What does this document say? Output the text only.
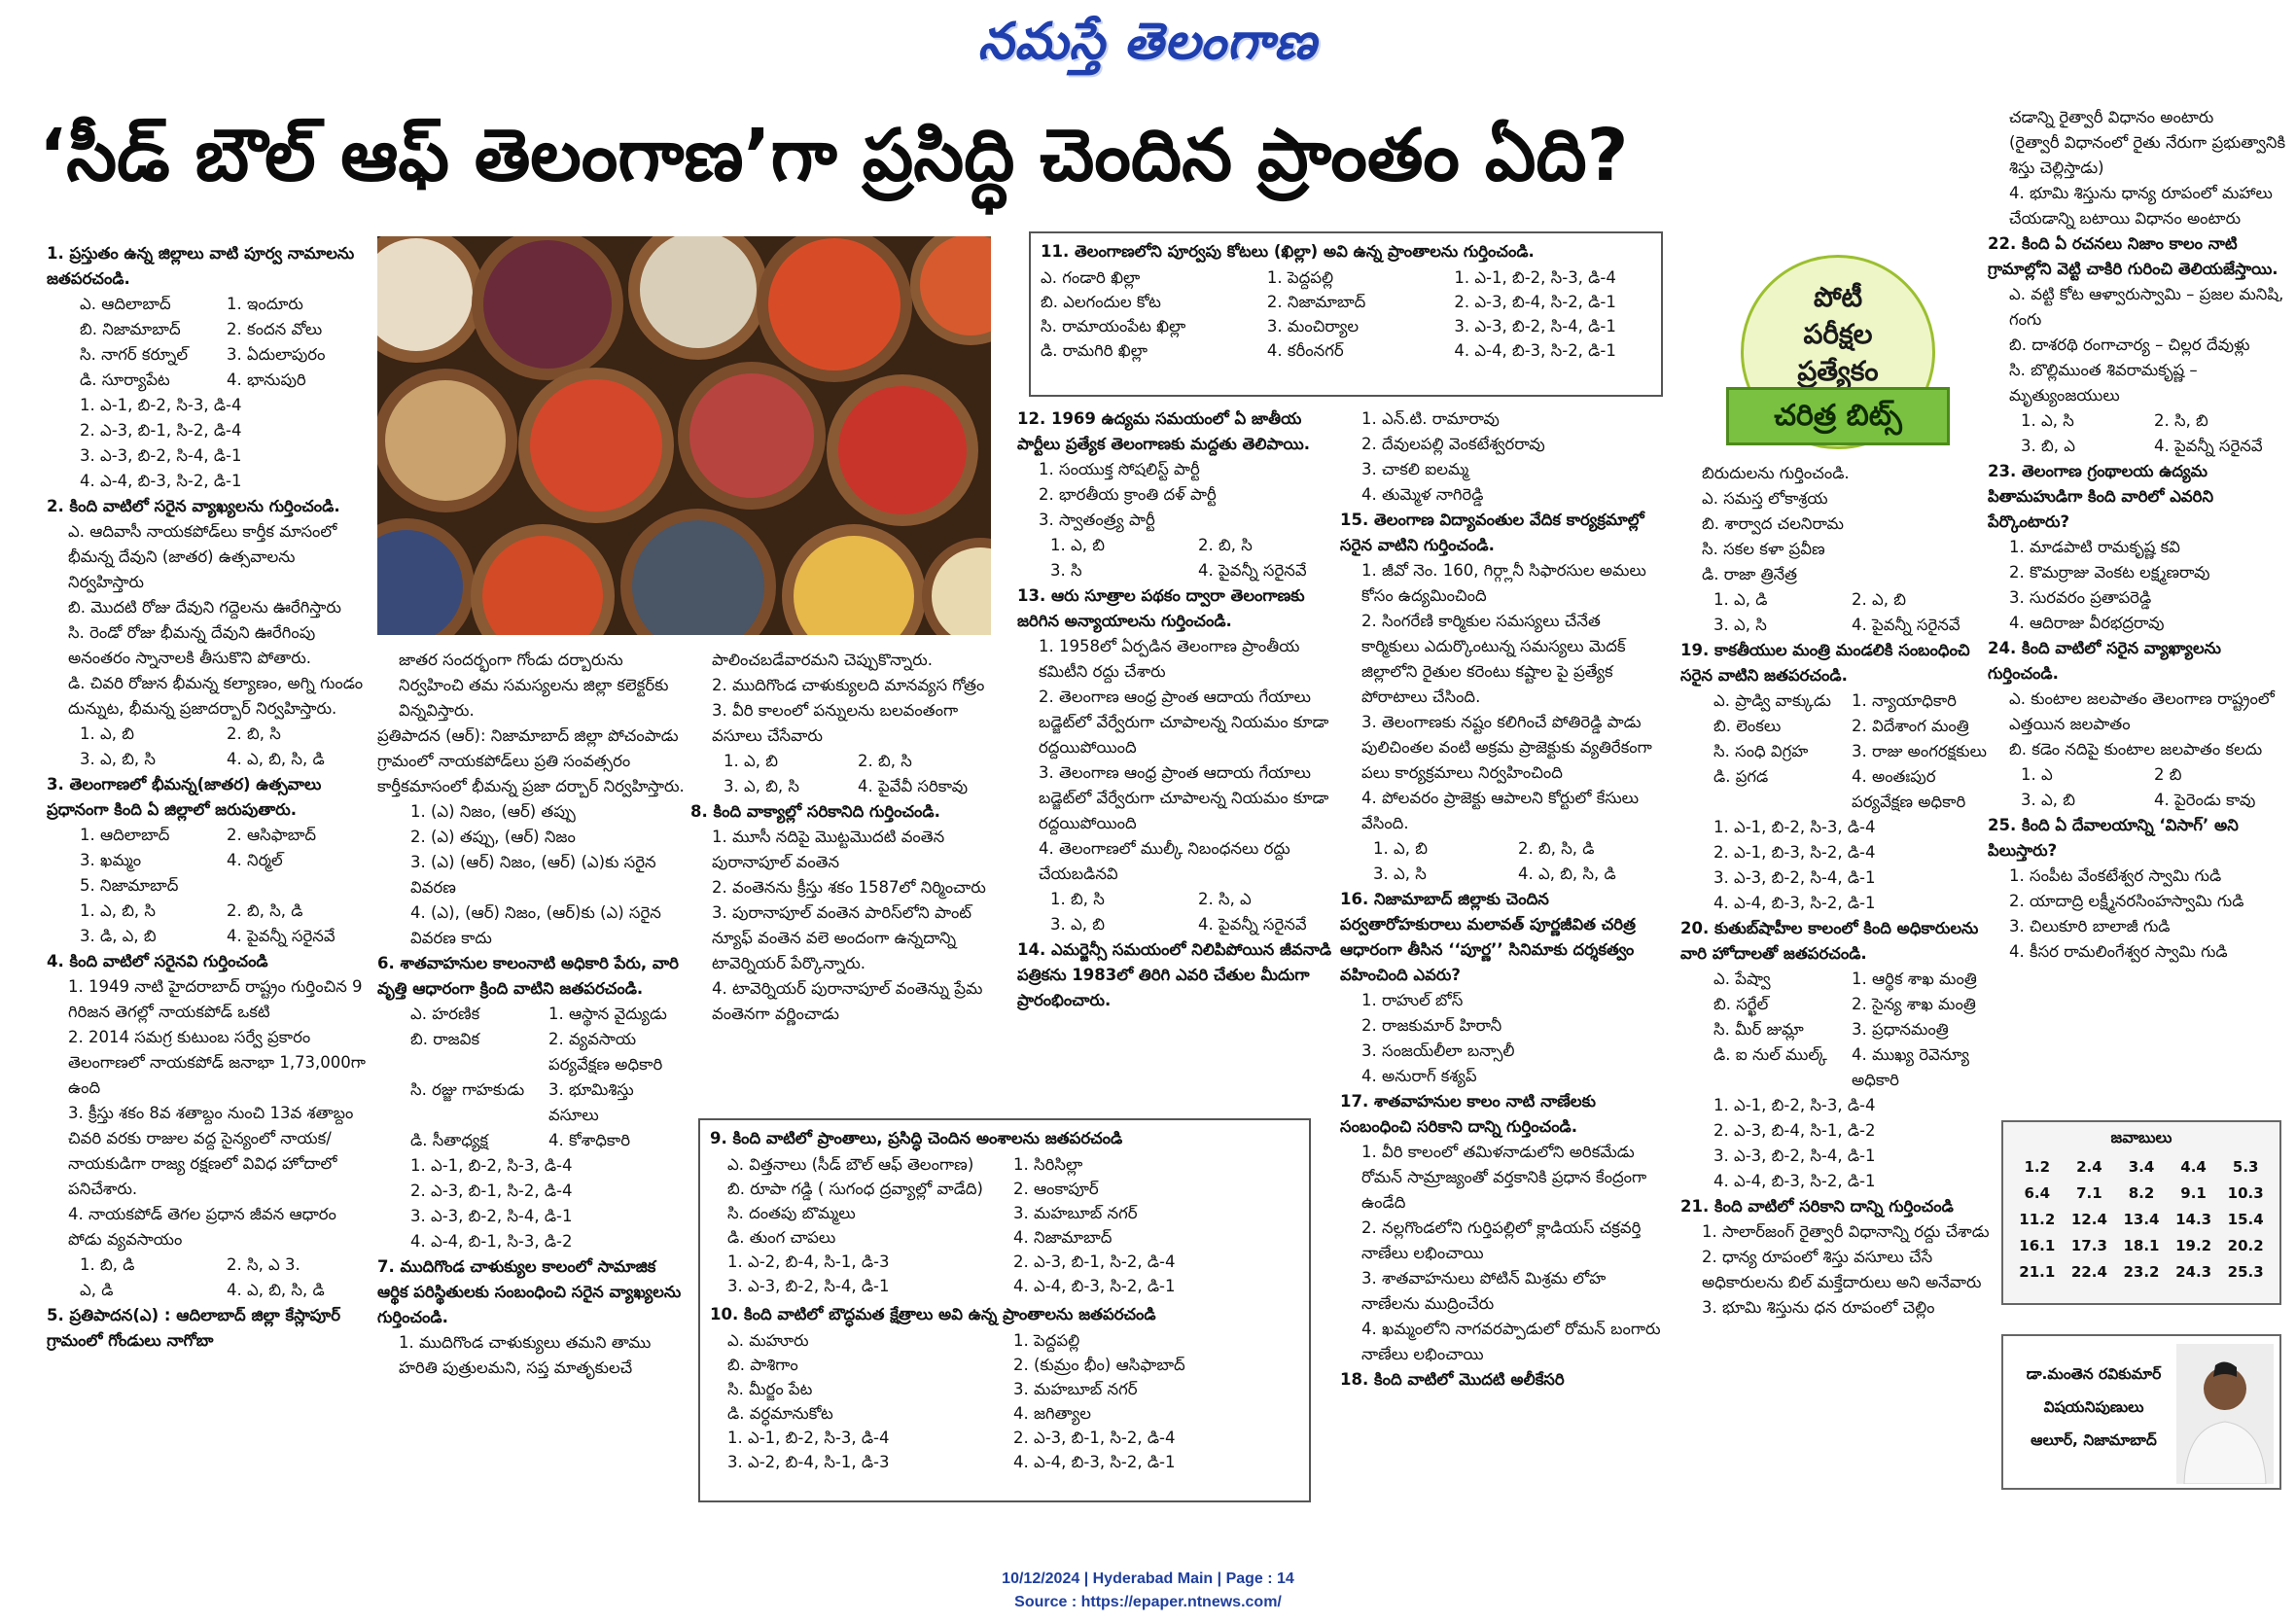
నమస్తే తెలంగాణ
‘సీడ్ బౌల్ ఆఫ్ తెలంగాణ’గా ప్రసిద్ధి చెందిన ప్రాంతం ఏది?

1. ప్రస్తుతం ఉన్న జిల్లాలు వాటి పూర్వ నామాలను జతపరచండి.

ఎ. ఆదిలాబాద్	1. ఇందూరు
బి. నిజామాబాద్	2. కందన వోలు
సి. నాగర్ కర్నూల్	3. ఏదులాపురం
డి. సూర్యాపేట	4. భానుపురి

1. ఎ-1, బి-2, సి-3, డి-4

2. ఎ-3, బి-1, సి-2, డి-4

3. ఎ-3, బి-2, సి-4, డి-1

4. ఎ-4, బి-3, సి-2, డి-1

2. కింది వాటిలో సరైన వ్యాఖ్యలను గుర్తించండి.

ఎ. ఆదివాసీ నాయకపోడ్‌లు కార్తీక మాసంలో భీమన్న దేవుని (జాతర) ఉత్సవాలను నిర్వహిస్తారు

బి. మొదటి రోజు దేవుని గద్దెలను ఊరేగిస్తారు

సి. రెండో రోజు భీమన్న దేవుని ఊరేగింపు అనంతరం స్నానాలకి తీసుకొని పోతారు.

డి. చివరి రోజున భీమన్న కల్యాణం, అగ్ని గుండం దున్నుట, భీమన్న ప్రజాదర్బార్ నిర్వహిస్తారు.

1. ఎ, బి	2. బి, సి
3. ఎ, బి, సి	4. ఎ, బి, సి, డి

3. తెలంగాణలో భీమన్న(జాతర) ఉత్సవాలు ప్రధానంగా కింది ఏ జిల్లాలో జరుపుతారు.

1. ఆదిలాబాద్	2. ఆసిఫాబాద్
3. ఖమ్మం	4. నిర్మల్
5. నిజామాబాద్
1. ఎ, బి, సి	2. బి, సి, డి
3. డి, ఎ, బి	4. పైవన్నీ సరైనవే

4. కింది వాటిలో సరైనవి గుర్తించండి

1. 1949 నాటి హైదరాబాద్ రాష్ట్రం గుర్తించిన 9 గిరిజన తెగల్లో నాయకపోడ్ ఒకటి

2. 2014 సమగ్ర కుటుంబ సర్వే ప్రకారం తెలంగాణలో నాయకపోడ్ జనాభా 1,73,000గా ఉంది

3. క్రీస్తు శకం 8వ శతాబ్దం నుంచి 13వ శతాబ్దం చివరి వరకు రాజుల వద్ద సైన్యంలో నాయక/ నాయకుడిగా రాజ్య రక్షణలో వివిధ హోదాలో పనిచేశారు.

4. నాయకపోడ్ తెగల ప్రధాన జీవన ఆధారం పోడు వ్యవసాయం

1. బి, డి	2. సి, ఎ 3.
ఎ, డి	4. ఎ, బి, సి, డి

5. ప్రతిపాదన(ఎ) : ఆదిలాబాద్ జిల్లా కేస్లాపూర్ గ్రామంలో గోండులు నాగోబా

జాతర సందర్భంగా గోండు దర్బారును నిర్వహించి తమ సమస్యలను జిల్లా కలెక్టర్‌కు విన్నవిస్తారు.

ప్రతిపాదన (ఆర్): నిజామాబాద్ జిల్లా పోచంపాడు గ్రామంలో నాయకపోడ్‌లు ప్రతి సంవత్సరం కార్తీకమాసంలో భీమన్న ప్రజా దర్బార్ నిర్వహిస్తారు.

1. (ఎ) నిజం, (ఆర్) తప్పు

2. (ఎ) తప్పు, (ఆర్) నిజం

3. (ఎ) (ఆర్) నిజం, (ఆర్) (ఎ)కు సరైన వివరణ

4. (ఎ), (ఆర్) నిజం, (ఆర్)కు (ఎ) సరైన వివరణ కాదు

6. శాతవాహనుల కాలంనాటి అధికారి పేరు, వారి వృత్తి ఆధారంగా క్రింది వాటిని జతపరచండి.

ఎ. హరణిక	1. ఆస్థాన వైద్యుడు
బి. రాజవిక	2. వ్యవసాయ పర్యవేక్షణ అధికారి
సి. రజ్జు గాహకుడు	3. భూమిశిస్తు వసూలు
డి. సీతాధ్యక్ష	4. కోశాధికారి

1. ఎ-1, బి-2, సి-3, డి-4

2. ఎ-3, బి-1, సి-2, డి-4

3. ఎ-3, బి-2, సి-4, డి-1

4. ఎ-4, బి-1, సి-3, డి-2

7. ముదిగొండ చాళుక్యుల కాలంలో సామాజిక ఆర్థిక పరిస్థితులకు సంబంధించి సరైన వ్యాఖ్యలను గుర్తించండి.

1. ముదిగొండ చాళుక్యులు తమని తాము హరితి పుత్రులమని, సప్త మాతృకులచే

పాలించబడేవారమని చెప్పుకొన్నారు.

2. ముదిగొండ చాళుక్యులది మానవ్యస గోత్రం

3. వీరి కాలంలో పన్నులను బలవంతంగా వసూలు చేసేవారు

1. ఎ, బి	2. బి, సి
3. ఎ, బి, సి	4. పైవేవీ సరికావు

8. కింది వాక్యాల్లో సరికానిది గుర్తించండి.

1. మూసీ నదిపై మొట్టమొదటి వంతెన పురానాపూల్ వంతెన

2. వంతెనను క్రీస్తు శకం 1587లో నిర్మించారు

3. పురానాపూల్ వంతెన పారిస్‌లోని పాంట్ న్యూఫ్ వంతెన వలె అందంగా ఉన్నదాన్ని టావెర్నియర్ పేర్కొన్నారు.

4. టావెర్నియర్ పురానాపూల్ వంతెన్ను ప్రేమ వంతెనగా వర్ణించాడు

9. కింది వాటిలో ప్రాంతాలు, ప్రసిద్ధి చెందిన అంశాలను జతపరచండి

ఎ. విత్తనాలు (సీడ్ బౌల్ ఆఫ్ తెలంగాణ)	1. సిరిసిల్లా
బి. రూపా గడ్డి ( సుగంధ ద్రవ్యాల్లో వాడేది)	2. ఆంకాపూర్
సి. దంతపు బొమ్మలు	3. మహబూబ్ నగర్
డి. తుంగ చాపలు	4. నిజామాబాద్
1. ఎ-2, బి-4, సి-1, డి-3	2. ఎ-3, బి-1, సి-2, డి-4
3. ఎ-3, బి-2, సి-4, డి-1	4. ఎ-4, బి-3, సి-2, డి-1

10. కింది వాటిలో బౌద్ధమత క్షేత్రాలు అవి ఉన్న ప్రాంతాలను జతపరచండి

ఎ. మహూరు	1. పెద్దపల్లి
బి. పాశిగాం	2. (కుమ్రం భీం) ఆసిఫాబాద్
సి. మీర్జం పేట	3. మహబూబ్ నగర్
డి. వర్ధమానుకోట	4. జగిత్యాల
1. ఎ-1, బి-2, సి-3, డి-4	2. ఎ-3, బి-1, సి-2, డి-4
3. ఎ-2, బి-4, సి-1, డి-3	4. ఎ-4, బి-3, సి-2, డి-1

11. తెలంగాణలోని పూర్వపు కోటలు (ఖిల్లా) అవి ఉన్న ప్రాంతాలను గుర్తించండి.

ఎ. గండారి ఖిల్లా	1. పెద్దపల్లి	1. ఎ-1, బి-2, సి-3, డి-4
బి. ఎలగందుల కోట	2. నిజామాబాద్	2. ఎ-3, బి-4, సి-2, డి-1
సి. రామాయంపేట ఖిల్లా	3. మంచిర్యాల	3. ఎ-3, బి-2, సి-4, డి-1
డి. రామగిరి ఖిల్లా	4. కరీంనగర్	4. ఎ-4, బి-3, సి-2, డి-1

12. 1969 ఉద్యమ సమయంలో ఏ జాతీయ పార్టీలు ప్రత్యేక తెలంగాణకు మద్దతు తెలిపాయి.

1. సంయుక్త సోషలిస్ట్ పార్టీ

2. భారతీయ క్రాంతి దళ్ పార్టీ

3. స్వాతంత్ర్య పార్టీ

1. ఎ, బి	2. బి, సి
3. సి	4. పైవన్నీ సరైనవే

13. ఆరు సూత్రాల పథకం ద్వారా తెలంగాణకు జరిగిన అన్యాయాలను గుర్తించండి.

1. 1958లో ఏర్పడిన తెలంగాణ ప్రాంతీయ కమిటీని రద్దు చేశారు

2. తెలంగాణ ఆంధ్ర ప్రాంత ఆదాయ గేయాలు బడ్జెట్‌లో వేర్వేరుగా చూపాలన్న నియమం కూడా రద్దయిపోయింది

3. తెలంగాణ ఆంధ్ర ప్రాంత ఆదాయ గేయాలు బడ్జెట్‌లో వేర్వేరుగా చూపాలన్న నియమం కూడా రద్దయిపోయింది

4. తెలంగాణలో ముల్కీ నిబంధనలు రద్దు చేయబడినవి

1. బి, సి	2. సి, ఎ
3. ఎ, బి	4. పైవన్నీ సరైనవే

14. ఎమర్జెన్సీ సమయంలో నిలిపిపోయిన జీవనాడి పత్రికను 1983లో తిరిగి ఎవరి చేతుల మీదుగా ప్రారంభించారు.

1. ఎన్.టి. రామారావు

2. దేవులపల్లి వెంకటేశ్వరరావు

3. చాకలి ఐలమ్మ

4. తుమ్మెళ నాగిరెడ్డి

15. తెలంగాణ విద్యావంతుల వేదిక కార్యక్రమాల్లో సరైన వాటిని గుర్తించండి.

1. జీవో నెం. 160, గిర్గ్లానీ సిఫారసుల అమలు కోసం ఉద్యమించింది

2. సింగరేణి కార్మికుల సమస్యలు చేనేత కార్మికులు ఎదుర్కొంటున్న సమస్యలు మెదక్ జిల్లాలోని రైతుల కరెంటు కష్టాల పై ప్రత్యేక పోరాటాలు చేసింది.

3. తెలంగాణకు నష్టం కలిగించే పోతిరెడ్డి పాడు పులిచింతల వంటి అక్రమ ప్రాజెక్టుకు వ్యతిరేకంగా పలు కార్యక్రమాలు నిర్వహించింది

4. పోలవరం ప్రాజెక్టు ఆపాలని కోర్టులో కేసులు వేసింది.

1. ఎ, బి	2. బి, సి, డి
3. ఎ, సి	4. ఎ, బి, సి, డి

16. నిజామాబాద్ జిల్లాకు చెందిన పర్వతారోహకురాలు మలావత్ పూర్ణజీవిత చరిత్ర ఆధారంగా తీసిన ‘‘పూర్ణ’’ సినిమాకు దర్శకత్వం వహించింది ఎవరు?

1. రాహుల్ బోస్

2. రాజకుమార్ హిరానీ

3. సంజయ్‌లీలా బన్సాలీ

4. అనురాగ్ కశ్యప్

17. శాతవాహనుల కాలం నాటి నాణేలకు సంబంధించి సరికాని దాన్ని గుర్తించండి.

1. వీరి కాలంలో తమిళనాడులోని అరికమేడు రోమన్ సామ్రాజ్యంతో వర్తకానికి ప్రధాన కేంద్రంగా ఉండేది

2. నల్లగొండలోని గుర్తిపల్లిలో క్లాడియస్ చక్రవర్తి నాణేలు లభించాయి

3. శాతవాహనులు పోటిన్ మిశ్రమ లోహ నాణేలను ముద్రించేరు

4. ఖమ్మంలోని నాగవరప్పాడులో రోమన్ బంగారు నాణేలు లభించాయి

18. కింది వాటిలో మొదటి అలీకేసరి

పోటీ
పరీక్షల
ప్రత్యేకం
చరిత్ర బిట్స్

బిరుదులను గుర్తించండి.

ఎ. సమస్త లోకాశ్రయ

బి. శార్వాద చలనిరామ

సి. సకల కళా ప్రవీణ

డి. రాజా త్రినేత్ర

1. ఎ, డి	2. ఎ, బి
3. ఎ, సి	4. పైవన్నీ సరైనవే

19. కాకతీయుల మంత్రి మండలికి సంబంధించి సరైన వాటిని జతపరచండి.

ఎ. ప్రాడ్వి వాక్కుడు	1. న్యాయాధికారి
బి. లెంకలు	2. విదేశాంగ మంత్రి
సి. సంధి విగ్రహ	3. రాజు అంగరక్షకులు
డి. ప్రగడ	4. అంతఃపుర పర్యవేక్షణ అధికారి

1. ఎ-1, బి-2, సి-3, డి-4

2. ఎ-1, బి-3, సి-2, డి-4

3. ఎ-3, బి-2, సి-4, డి-1

4. ఎ-4, బి-3, సి-2, డి-1

20. కుతుబ్‌షాహీల కాలంలో కింది అధికారులను వారి హోదాలతో జతపరచండి.

ఎ. పేష్వా	1. ఆర్థిక శాఖ మంత్రి
బి. సర్ఖేల్	2. సైన్య శాఖ మంత్రి
సి. మీర్ జుమ్లా	3. ప్రధానమంత్రి
డి. ఐ నుల్ ముల్క్	4. ముఖ్య రెవెన్యూ అధికారి

1. ఎ-1, బి-2, సి-3, డి-4

2. ఎ-3, బి-4, సి-1, డి-2

3. ఎ-3, బి-2, సి-4, డి-1

4. ఎ-4, బి-3, సి-2, డి-1

21. కింది వాటిలో సరికాని దాన్ని గుర్తించండి

1. సాలార్‌జంగ్ రైత్వారీ విధానాన్ని రద్దు చేశాడు

2. ధాన్య రూపంలో శిస్తు వసూలు చేసే అధికారులను బిల్ మక్తేదారులు అని అనేవారు

3. భూమి శిస్తును ధన రూపంలో చెల్లిం

చడాన్ని రైత్వారీ విధానం అంటారు

(రైత్వారీ విధానంలో రైతు నేరుగా ప్రభుత్వానికి శిస్తు చెల్లిస్తాడు)

4. భూమి శిస్తును ధాన్య రూపంలో మహాలు చేయడాన్ని బటాయి విధానం అంటారు

22. కింది ఏ రచనలు నిజాం కాలం నాటి గ్రామాల్లోని వెట్టి చాకిరి గురించి తెలియజేస్తాయి.

ఎ. వట్టి కోట ఆళ్వారుస్వామి – ప్రజల మనిషి, గంగు

బి. దాశరథి రంగాచార్య – చిల్లర దేవుళ్లు

సి. బొల్లిముంత శివరామకృష్ణ – మృత్యుంజయులు

1. ఎ, సి	2. సి, బి
3. బి, ఎ	4. పైవన్నీ సరైనవే

23. తెలంగాణ గ్రంథాలయ ఉద్యమ పితామహుడిగా కింది వారిలో ఎవరిని పేర్కొంటారు?

1. మాడపాటి రామకృష్ణ కవి

2. కొమర్రాజు వెంకట లక్ష్మణరావు

3. సురవరం ప్రతాపరెడ్డి

4. ఆదిరాజు వీరభద్రరావు

24. కింది వాటిలో సరైన వ్యాఖ్యాలను గుర్తించండి.

ఎ. కుంటాల జలపాతం తెలంగాణ రాష్ట్రంలో ఎత్తయిన జలపాతం

బి. కడెం నదిపై కుంటాల జలపాతం కలదు

1. ఎ	2 బి
3. ఎ, బి	4. పైరెండు కావు

25. కింది ఏ దేవాలయాన్ని ‘విసాగ్’ అని పిలుస్తారు?

1. సంపీట వేంకటేశ్వర స్వామి గుడి

2. యాదాద్రి లక్ష్మీనరసింహస్వామి గుడి

3. చిలుకూరి బాలాజీ గుడి

4. కీసర రామలింగేశ్వర స్వామి గుడి

జవాబులు
1.2	2.4	3.4	4.4	5.3
6.4	7.1	8.2	9.1	10.3
11.2	12.4	13.4	14.3	15.4
16.1	17.3	18.1	19.2	20.2
21.1	22.4	23.2	24.3	25.3
డా.మంతెన రవికుమార్
విషయనిపుణులు
ఆలూర్, నిజామాబాద్
10/12/2024 | Hyderabad Main | Page : 14
Source : https://epaper.ntnews.com/
